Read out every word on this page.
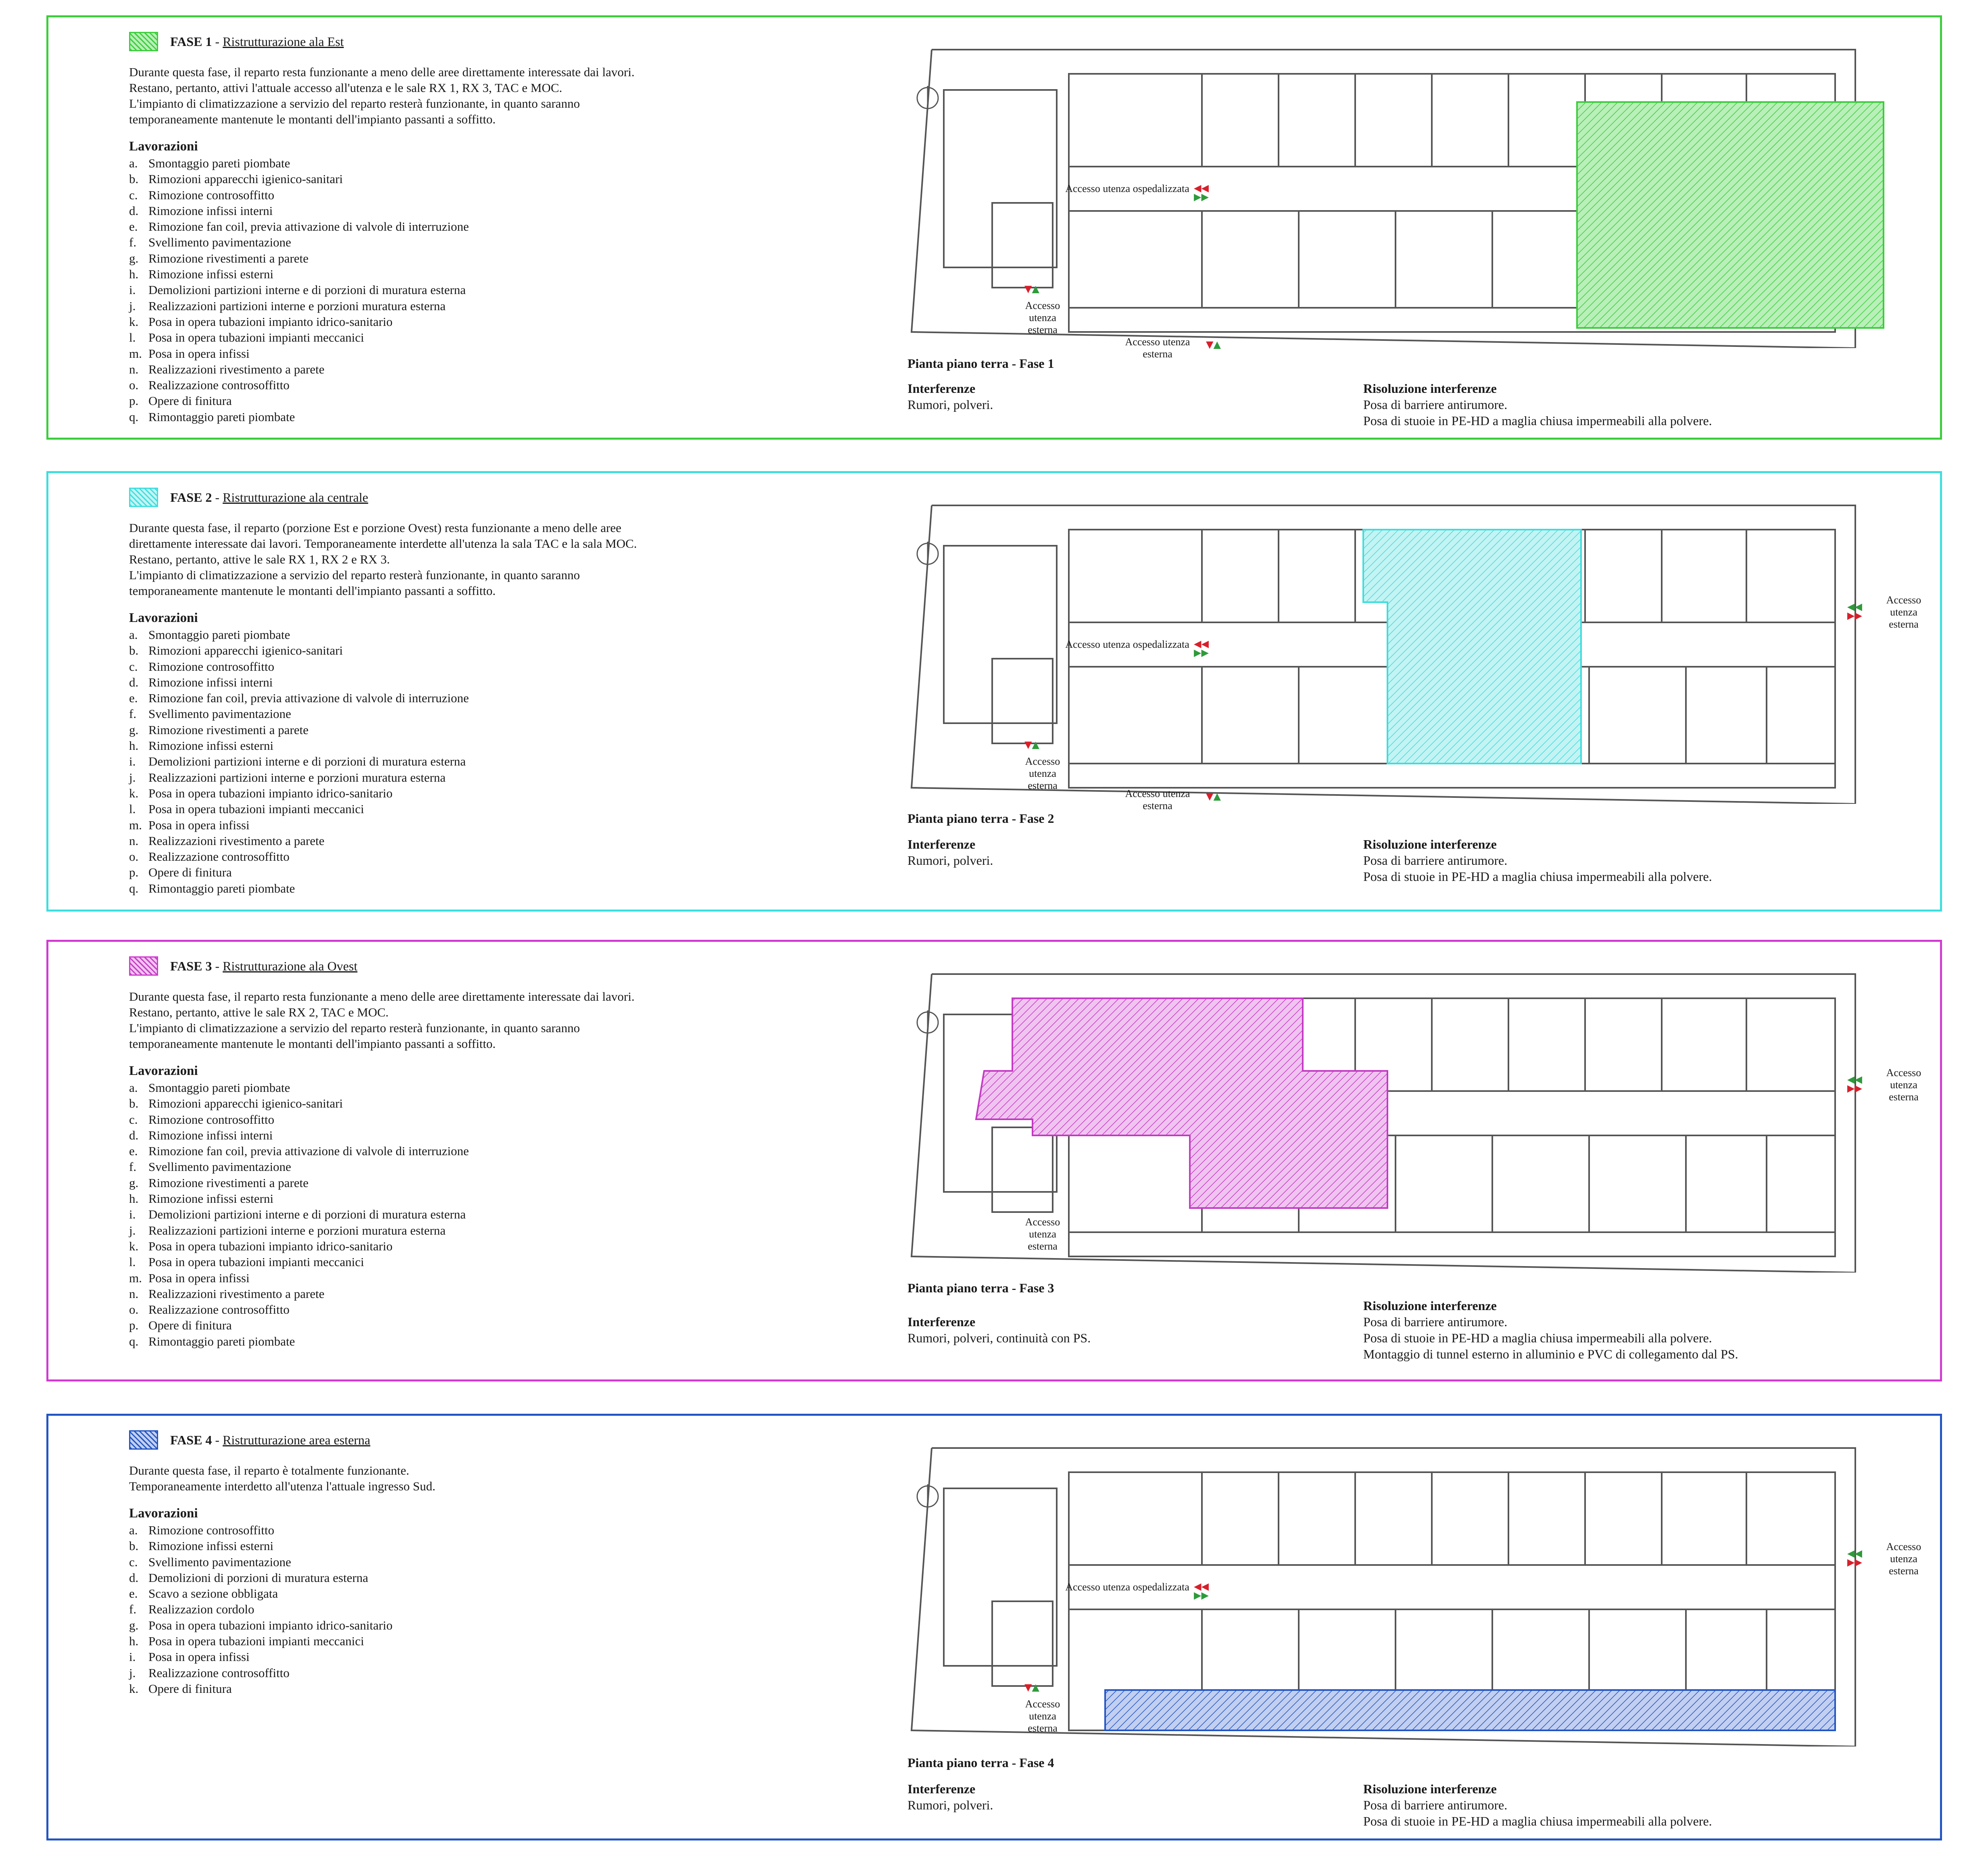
FASE 1 - Ristrutturazione ala Est
Durante questa fase, il reparto resta funzionante a meno delle aree direttamente interessate dai lavori.
Restano, pertanto, attivi l'attuale accesso all'utenza e le sale RX 1, RX 3, TAC e MOC.
L'impianto di climatizzazione a servizio del reparto resterà funzionante, in quanto saranno
temporaneamente mantenute le montanti dell'impianto passanti a soffitto.
Lavorazioni
a. Smontaggio pareti piombate
b. Rimozioni apparecchi igienico-sanitari
c. Rimozione controsoffitto
d. Rimozione infissi interni
e. Rimozione fan coil, previa attivazione di valvole di interruzione
f. Svellimento pavimentazione
g. Rimozione rivestimenti a parete
h. Rimozione infissi esterni
i.	Demolizioni partizioni interne e di porzioni di muratura esterna
j.	Realizzazioni partizioni interne e porzioni muratura esterna
k. Posa in opera tubazioni impianto idrico-sanitario
l.	Posa in opera tubazioni impianti meccanici
m. Posa in opera infissi
n. Realizzazioni rivestimento a parete
o. Realizzazione controsoffitto
p. Opere di finitura
q. Rimontaggio pareti piombate
Accesso utenza ospedalizzata ◀◀
▶▶
Accesso
utenza
esterna
▼▲
Accesso utenza
esterna
▼▲
Pianta piano terra - Fase 1
Interferenze
Rumori, polveri.
Risoluzione interferenze
Posa di barriere antirumore.
Posa di stuoie in PE-HD a maglia chiusa impermeabili alla polvere.
FASE 2 - Ristrutturazione ala centrale
Durante questa fase, il reparto (porzione Est e porzione Ovest) resta funzionante a meno delle aree
direttamente interessate dai lavori. Temporaneamente interdette all'utenza la sala TAC e la sala MOC.
Restano, pertanto, attive le sale RX 1, RX 2 e RX 3.
L'impianto di climatizzazione a servizio del reparto resterà funzionante, in quanto saranno
temporaneamente mantenute le montanti dell'impianto passanti a soffitto.
Lavorazioni
a. Smontaggio pareti piombate
b. Rimozioni apparecchi igienico-sanitari
c. Rimozione controsoffitto
d. Rimozione infissi interni
e. Rimozione fan coil, previa attivazione di valvole di interruzione
f. Svellimento pavimentazione
g. Rimozione rivestimenti a parete
h. Rimozione infissi esterni
i.	Demolizioni partizioni interne e di porzioni di muratura esterna
j.	Realizzazioni partizioni interne e porzioni muratura esterna
k. Posa in opera tubazioni impianto idrico-sanitario
l.	Posa in opera tubazioni impianti meccanici
m. Posa in opera infissi
n. Realizzazioni rivestimento a parete
o. Realizzazione controsoffitto
p. Opere di finitura
q. Rimontaggio pareti piombate
Accesso utenza ospedalizzata ◀◀
▶▶
Accesso
utenza
esterna
▼▲
Accesso utenza
esterna
▼▲
Accesso
utenza
esterna
◀◀
▶▶
Pianta piano terra - Fase 2
Interferenze
Rumori, polveri.
Risoluzione interferenze
Posa di barriere antirumore.
Posa di stuoie in PE-HD a maglia chiusa impermeabili alla polvere.
FASE 3 - Ristrutturazione ala Ovest
Durante questa fase, il reparto resta funzionante a meno delle aree direttamente interessate dai lavori.
Restano, pertanto, attive le sale RX 2, TAC e MOC.
L'impianto di climatizzazione a servizio del reparto resterà funzionante, in quanto saranno
temporaneamente mantenute le montanti dell'impianto passanti a soffitto.
Lavorazioni
a. Smontaggio pareti piombate
b. Rimozioni apparecchi igienico-sanitari
c. Rimozione controsoffitto
d. Rimozione infissi interni
e. Rimozione fan coil, previa attivazione di valvole di interruzione
f. Svellimento pavimentazione
g. Rimozione rivestimenti a parete
h. Rimozione infissi esterni
i.	Demolizioni partizioni interne e di porzioni di muratura esterna
j.	Realizzazioni partizioni interne e porzioni muratura esterna
k. Posa in opera tubazioni impianto idrico-sanitario
l.	Posa in opera tubazioni impianti meccanici
m. Posa in opera infissi
n. Realizzazioni rivestimento a parete
o. Realizzazione controsoffitto
p. Opere di finitura
q. Rimontaggio pareti piombate
Accesso
utenza
esterna
Accesso
utenza
esterna
◀◀
▶▶
Pianta piano terra - Fase 3
Interferenze
Rumori, polveri, continuità con PS.
Risoluzione interferenze
Posa di barriere antirumore.
Posa di stuoie in PE-HD a maglia chiusa impermeabili alla polvere.
Montaggio di tunnel esterno in alluminio e PVC di collegamento dal PS.
FASE 4 - Ristrutturazione area esterna
Durante questa fase, il reparto è totalmente funzionante.
Temporaneamente interdetto all'utenza l'attuale ingresso Sud.
Lavorazioni
a. Rimozione controsoffitto
b. Rimozione infissi esterni
c. Svellimento pavimentazione
d. Demolizioni di porzioni di muratura esterna
e. Scavo a sezione obbligata
f. Realizzazion cordolo
g. Posa in opera tubazioni impianto idrico-sanitario
h. Posa in opera tubazioni impianti meccanici
i.	Posa in opera infissi
j.	Realizzazione controsoffitto
k. Opere di finitura
Accesso utenza ospedalizzata ◀◀
▶▶
Accesso
utenza
esterna
▼▲
Accesso
utenza
esterna
◀◀
▶▶
Pianta piano terra - Fase 4
Interferenze
Rumori, polveri.
Risoluzione interferenze
Posa di barriere antirumore.
Posa di stuoie in PE-HD a maglia chiusa impermeabili alla polvere.
